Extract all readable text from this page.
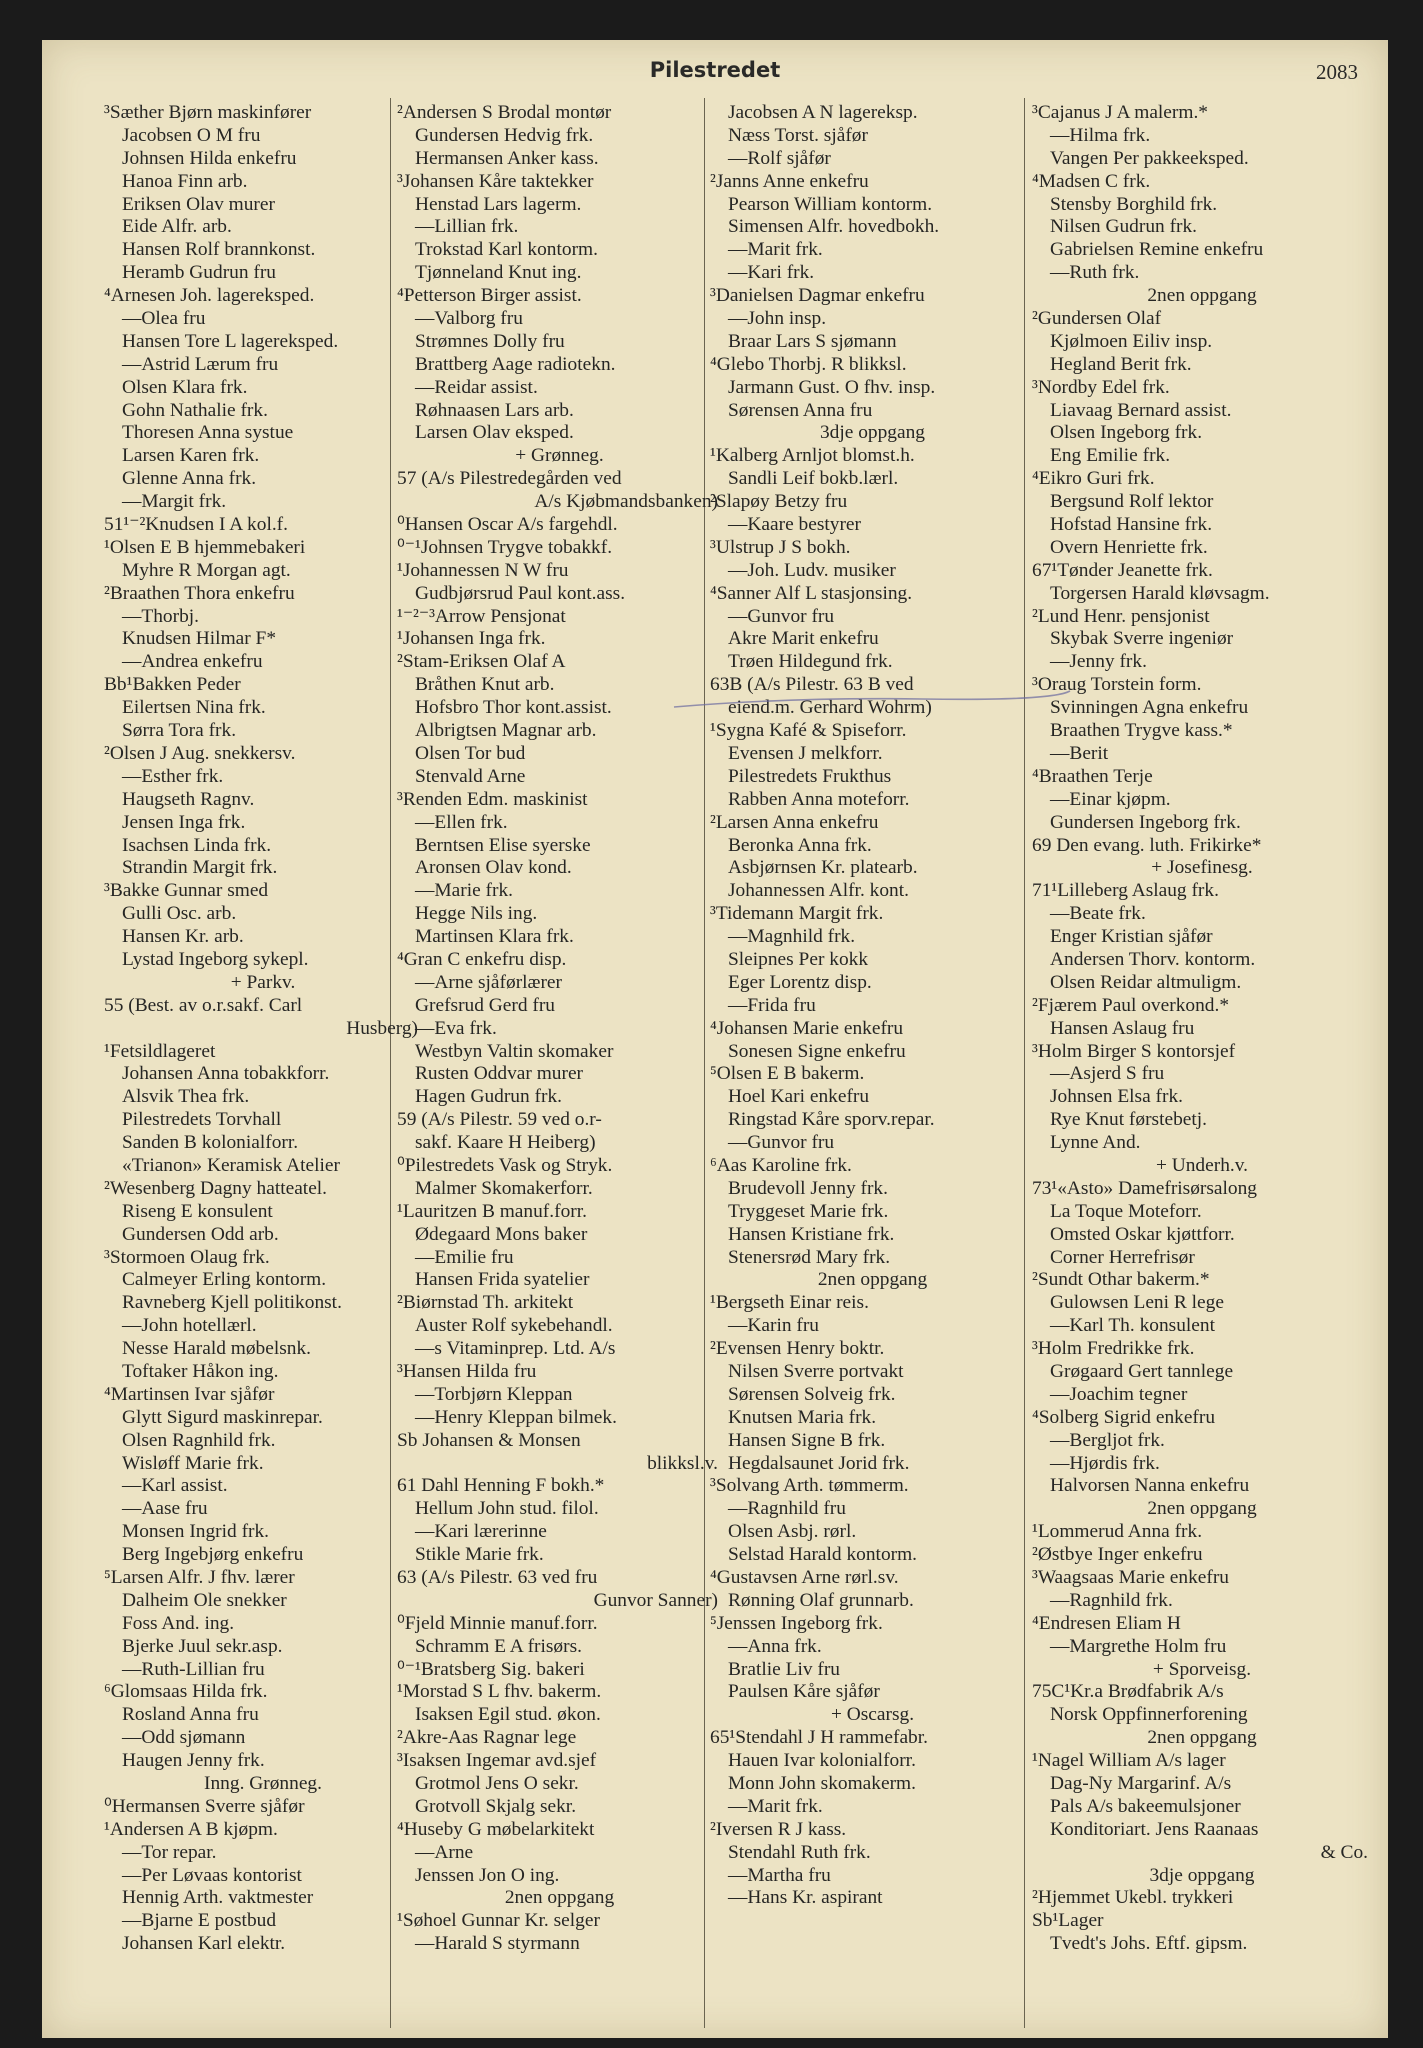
Pilestredet	2083
³Sæther Bjørn maskinfører
Jacobsen O M fru
Johnsen Hilda enkefru
Hanoa Finn arb.
Eriksen Olav murer
Eide Alfr. arb.
Hansen Rolf brannkonst.
Heramb Gudrun fru
⁴Arnesen Joh. lagereksped.
—Olea fru
Hansen Tore L lagereksped.
—Astrid Lærum fru
Olsen Klara frk.
Gohn Nathalie frk.
Thoresen Anna systue
Larsen Karen frk.
Glenne Anna frk.
—Margit frk.
51¹⁻²Knudsen I A kol.f.
¹Olsen E B hjemmebakeri
Myhre R Morgan agt.
²Braathen Thora enkefru
—Thorbj.
Knudsen Hilmar F*
—Andrea enkefru
Bb¹Bakken Peder
Eilertsen Nina frk.
Sørra Tora frk.
²Olsen J Aug. snekkersv.
—Esther frk.
Haugseth Ragnv.
Jensen Inga frk.
Isachsen Linda frk.
Strandin Margit frk.
³Bakke Gunnar smed
Gulli Osc. arb.
Hansen Kr. arb.
Lystad Ingeborg sykepl.
+ Parkv.
55 (Best. av o.r.sakf. Carl
Husberg)
¹Fetsildlageret
Johansen Anna tobakkforr.
Alsvik Thea frk.
Pilestredets Torvhall
Sanden B kolonialforr.
«Trianon» Keramisk Atelier
²Wesenberg Dagny hatteatel.
Riseng E konsulent
Gundersen Odd arb.
³Stormoen Olaug frk.
Calmeyer Erling kontorm.
Ravneberg Kjell politikonst.
—John hotellærl.
Nesse Harald møbelsnk.
Toftaker Håkon ing.
⁴Martinsen Ivar sjåfør
Glytt Sigurd maskinrepar.
Olsen Ragnhild frk.
Wisløff Marie frk.
—Karl assist.
—Aase fru
Monsen Ingrid frk.
Berg Ingebjørg enkefru
⁵Larsen Alfr. J fhv. lærer
Dalheim Ole snekker
Foss And. ing.
Bjerke Juul sekr.asp.
—Ruth-Lillian fru
⁶Glomsaas Hilda frk.
Rosland Anna fru
—Odd sjømann
Haugen Jenny frk.
Inng. Grønneg.
⁰Hermansen Sverre sjåfør
¹Andersen A B kjøpm.
—Tor repar.
—Per Løvaas kontorist
Hennig Arth. vaktmester
—Bjarne E postbud
Johansen Karl elektr.
²Andersen S Brodal montør
Gundersen Hedvig frk.
Hermansen Anker kass.
³Johansen Kåre taktekker
Henstad Lars lagerm.
—Lillian frk.
Trokstad Karl kontorm.
Tjønneland Knut ing.
⁴Petterson Birger assist.
—Valborg fru
Strømnes Dolly fru
Brattberg Aage radiotekn.
—Reidar assist.
Røhnaasen Lars arb.
Larsen Olav eksped.
+ Grønneg.
57 (A/s Pilestredegården ved
A/s Kjøbmandsbanken)
⁰Hansen Oscar A/s fargehdl.
⁰⁻¹Johnsen Trygve tobakkf.
¹Johannessen N W fru
Gudbjørsrud Paul kont.ass.
¹⁻²⁻³Arrow Pensjonat
¹Johansen Inga frk.
²Stam-Eriksen Olaf A
Bråthen Knut arb.
Hofsbro Thor kont.assist.
Albrigtsen Magnar arb.
Olsen Tor bud
Stenvald Arne
³Renden Edm. maskinist
—Ellen frk.
Berntsen Elise syerske
Aronsen Olav kond.
—Marie frk.
Hegge Nils ing.
Martinsen Klara frk.
⁴Gran C enkefru disp.
—Arne sjåførlærer
Grefsrud Gerd fru
—Eva frk.
Westbyn Valtin skomaker
Rusten Oddvar murer
Hagen Gudrun frk.
59 (A/s Pilestr. 59 ved o.r-
sakf. Kaare H Heiberg)
⁰Pilestredets Vask og Stryk.
Malmer Skomakerforr.
¹Lauritzen B manuf.forr.
Ødegaard Mons baker
—Emilie fru
Hansen Frida syatelier
²Biørnstad Th. arkitekt
Auster Rolf sykebehandl.
—s Vitaminprep. Ltd. A/s
³Hansen Hilda fru
—Torbjørn Kleppan
—Henry Kleppan bilmek.
Sb Johansen & Monsen
blikksl.v.
61 Dahl Henning F bokh.*
Hellum John stud. filol.
—Kari lærerinne
Stikle Marie frk.
63 (A/s Pilestr. 63 ved fru
Gunvor Sanner)
⁰Fjeld Minnie manuf.forr.
Schramm E A frisørs.
⁰⁻¹Bratsberg Sig. bakeri
¹Morstad S L fhv. bakerm.
Isaksen Egil stud. økon.
²Akre-Aas Ragnar lege
³Isaksen Ingemar avd.sjef
Grotmol Jens O sekr.
Grotvoll Skjalg sekr.
⁴Huseby G møbelarkitekt
—Arne
Jenssen Jon O ing.
2nen oppgang
¹Søhoel Gunnar Kr. selger
—Harald S styrmann
Jacobsen A N lagereksp.
Næss Torst. sjåfør
—Rolf sjåfør
²Janns Anne enkefru
Pearson William kontorm.
Simensen Alfr. hovedbokh.
—Marit frk.
—Kari frk.
³Danielsen Dagmar enkefru
—John insp.
Braar Lars S sjømann
⁴Glebo Thorbj. R blikksl.
Jarmann Gust. O fhv. insp.
Sørensen Anna fru
3dje oppgang
¹Kalberg Arnljot blomst.h.
Sandli Leif bokb.lærl.
²Slapøy Betzy fru
—Kaare bestyrer
³Ulstrup J S bokh.
—Joh. Ludv. musiker
⁴Sanner Alf L stasjonsing.
—Gunvor fru
Akre Marit enkefru
Trøen Hildegund frk.
63B (A/s Pilestr. 63 B ved
eiend.m. Gerhard Wohrm)
¹Sygna Kafé & Spiseforr.
Evensen J melkforr.
Pilestredets Frukthus
Rabben Anna moteforr.
²Larsen Anna enkefru
Beronka Anna frk.
Asbjørnsen Kr. platearb.
Johannessen Alfr. kont.
³Tidemann Margit frk.
—Magnhild frk.
Sleipnes Per kokk
Eger Lorentz disp.
—Frida fru
⁴Johansen Marie enkefru
Sonesen Signe enkefru
⁵Olsen E B bakerm.
Hoel Kari enkefru
Ringstad Kåre sporv.repar.
—Gunvor fru
⁶Aas Karoline frk.
Brudevoll Jenny frk.
Tryggeset Marie frk.
Hansen Kristiane frk.
Stenersrød Mary frk.
2nen oppgang
¹Bergseth Einar reis.
—Karin fru
²Evensen Henry boktr.
Nilsen Sverre portvakt
Sørensen Solveig frk.
Knutsen Maria frk.
Hansen Signe B frk.
Hegdalsaunet Jorid frk.
³Solvang Arth. tømmerm.
—Ragnhild fru
Olsen Asbj. rørl.
Selstad Harald kontorm.
⁴Gustavsen Arne rørl.sv.
Rønning Olaf grunnarb.
⁵Jenssen Ingeborg frk.
—Anna frk.
Bratlie Liv fru
Paulsen Kåre sjåfør
+ Oscarsg.
65¹Stendahl J H rammefabr.
Hauen Ivar kolonialforr.
Monn John skomakerm.
—Marit frk.
²Iversen R J kass.
Stendahl Ruth frk.
—Martha fru
—Hans Kr. aspirant
³Cajanus J A malerm.*
—Hilma frk.
Vangen Per pakkeeksped.
⁴Madsen C frk.
Stensby Borghild frk.
Nilsen Gudrun frk.
Gabrielsen Remine enkefru
—Ruth frk.
2nen oppgang
²Gundersen Olaf
Kjølmoen Eiliv insp.
Hegland Berit frk.
³Nordby Edel frk.
Liavaag Bernard assist.
Olsen Ingeborg frk.
Eng Emilie frk.
⁴Eikro Guri frk.
Bergsund Rolf lektor
Hofstad Hansine frk.
Overn Henriette frk.
67¹Tønder Jeanette frk.
Torgersen Harald kløvsagm.
²Lund Henr. pensjonist
Skybak Sverre ingeniør
—Jenny frk.
³Oraug Torstein form.
Svinningen Agna enkefru
Braathen Trygve kass.*
—Berit
⁴Braathen Terje
—Einar kjøpm.
Gundersen Ingeborg frk.
69 Den evang. luth. Frikirke*
+ Josefinesg.
71¹Lilleberg Aslaug frk.
—Beate frk.
Enger Kristian sjåfør
Andersen Thorv. kontorm.
Olsen Reidar altmuligm.
²Fjærem Paul overkond.*
Hansen Aslaug fru
³Holm Birger S kontorsjef
—Asjerd S fru
Johnsen Elsa frk.
Rye Knut førstebetj.
Lynne And.
+ Underh.v.
73¹«Asto» Damefrisørsalong
La Toque Moteforr.
Omsted Oskar kjøttforr.
Corner Herrefrisør
²Sundt Othar bakerm.*
Gulowsen Leni R lege
—Karl Th. konsulent
³Holm Fredrikke frk.
Grøgaard Gert tannlege
—Joachim tegner
⁴Solberg Sigrid enkefru
—Bergljot frk.
—Hjørdis frk.
Halvorsen Nanna enkefru
2nen oppgang
¹Lommerud Anna frk.
²Østbye Inger enkefru
³Waagsaas Marie enkefru
—Ragnhild frk.
⁴Endresen Eliam H
—Margrethe Holm fru
+ Sporveisg.
75C¹Kr.a Brødfabrik A/s
Norsk Oppfinnerforening
2nen oppgang
¹Nagel William A/s lager
Dag-Ny Margarinf. A/s
Pals A/s bakeemulsjoner
Konditoriart. Jens Raanaas
& Co.
3dje oppgang
²Hjemmet Ukebl. trykkeri
Sb¹Lager
Tvedt's Johs. Eftf. gipsm.
